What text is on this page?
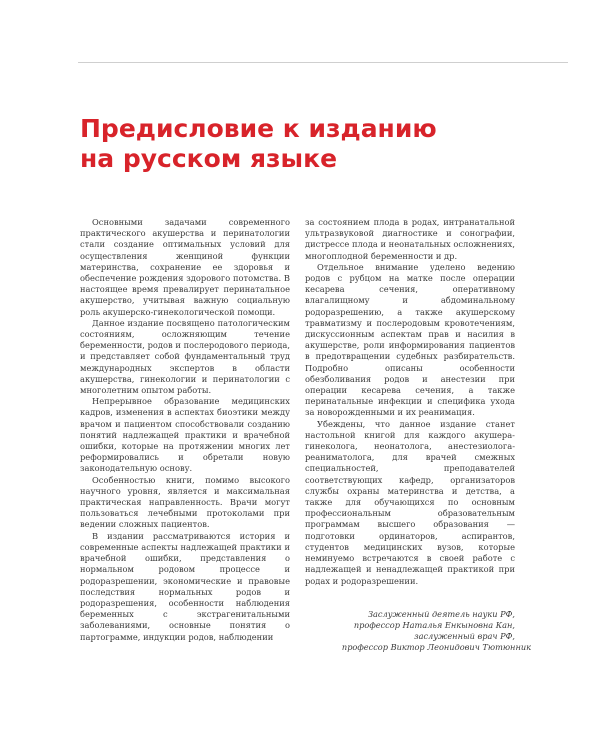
Предисловие к изданию
на русском языке

Основными задачами современного практического акушерства и перинатологии стали создание оптимальных условий для осуществления женщиной функции материнства, сохранение ее здоровья и обеспечение рождения здорового потомства. В настоящее время превалирует перинатальное акушерство, учитывая важную социальную роль акушерско-гинекологической помощи.

Данное издание посвящено патологическим состояниям, осложняющим течение беременности, родов и послеродового периода, и представляет собой фундаментальный труд международных экспертов в области акушерства, гинекологии и перинатологии с многолетним опытом работы.

Непрерывное образование медицинских кадров, изменения в аспектах биоэтики между врачом и пациентом способствовали созданию понятий надлежащей практики и врачебной ошибки, которые на протяжении многих лет реформировались и обретали новую законодательную основу.

Особенностью книги, помимо высокого научного уровня, является и максимальная практическая направленность. Врачи могут пользоваться лечебными протоколами при ведении сложных пациентов.

В издании рассматриваются история и современные аспекты надлежащей практики и врачебной ошибки, представления о нормальном родовом процессе и родоразрешении, экономические и правовые последствия нормальных родов и родоразрешения, особенности наблюдения беременных с экстрагенитальными заболеваниями, основные понятия о партограмме, индукции родов, наблюдении

за состоянием плода в родах, интранатальной ультразвуковой диагностике и сонографии, дистрессе плода и неонатальных осложнениях, многоплодной беременности и др.

Отдельное внимание уделено ведению родов с рубцом на матке после операции кесарева сечения, оперативному влагалищному и абдоминальному родоразрешению, а также акушерскому травматизму и послеродовым кровотечениям, дискуссионным аспектам прав и насилия в акушерстве, роли информирования пациентов в предотвращении судебных разбирательств. Подробно описаны особенности обезболивания родов и анестезии при операции кесарева сечения, а также перинатальные инфекции и специфика ухода за новорожденными и их реанимация.

Убеждены, что данное издание станет настольной книгой для каждого акушера-гинеколога, неонатолога, анестезиолога-реаниматолога, для врачей смежных специальностей, преподавателей соответствующих кафедр, организаторов службы охраны материнства и детства, а также для обучающихся по основным профессиональным образовательным программам высшего образования — подготовки ординаторов, аспирантов, студентов медицинских вузов, которые неминуемо встречаются в своей работе с надлежащей и ненадлежащей практикой при родах и родоразрешении.

Заслуженный деятель науки РФ,
профессор Наталья Енкыновна Кан,
заслуженный врач РФ,
профессор Виктор Леонидович Тютюнник
